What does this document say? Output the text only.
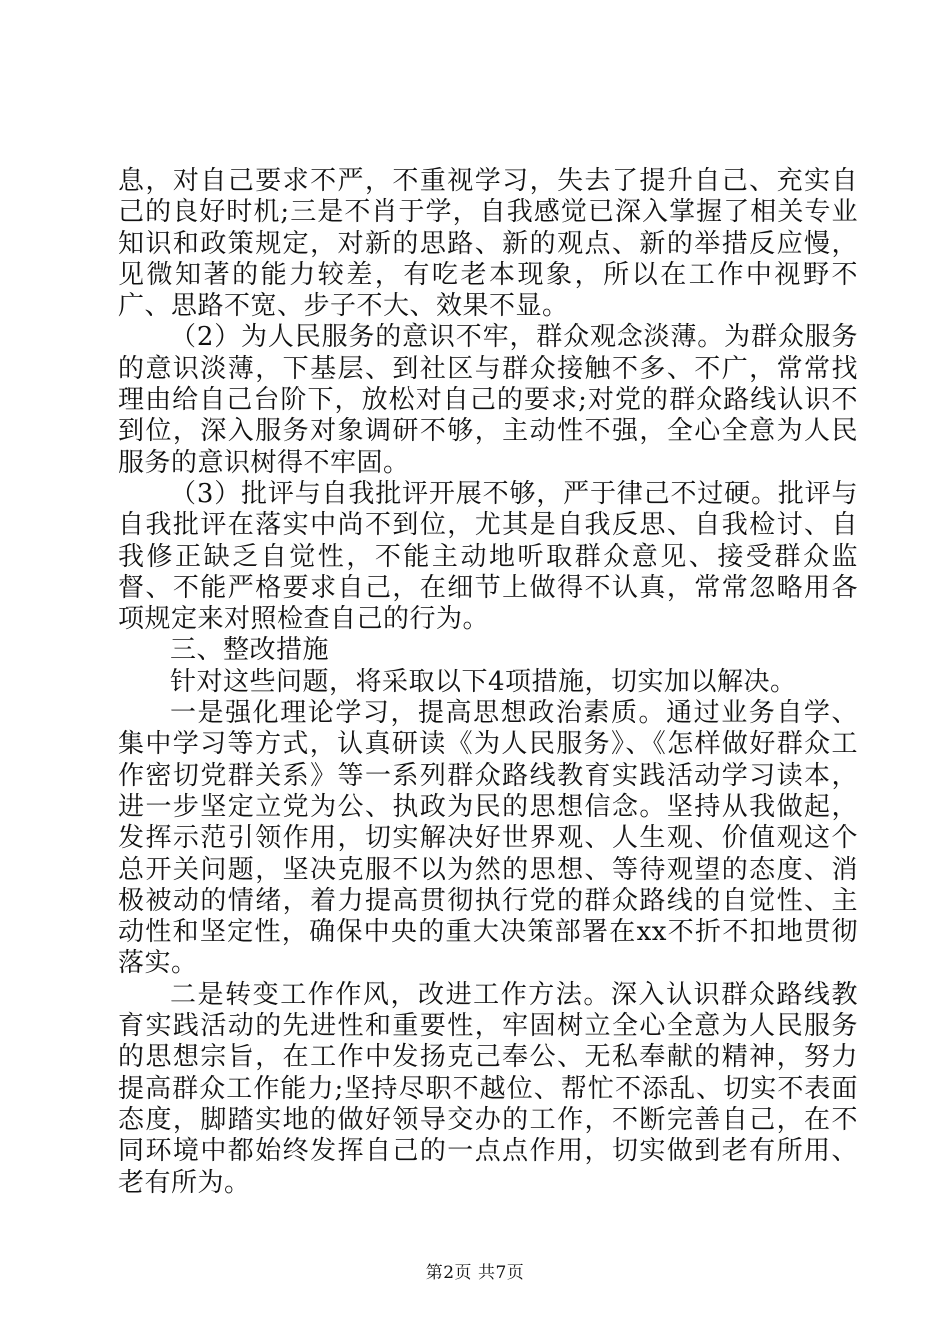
息，对自己要求不严，不重视学习，失去了提升自己、充实自己的良好时机;三是不肖于学，自我感觉已深入掌握了相关专业知识和政策规定，对新的思路、新的观点、新的举措反应慢，见微知著的能力较差，有吃老本现象，所以在工作中视野不广、思路不宽、步子不大、效果不显。

（2）为人民服务的意识不牢，群众观念淡薄。为群众服务的意识淡薄，下基层、到社区与群众接触不多、不广，常常找理由给自己台阶下，放松对自己的要求;对党的群众路线认识不到位，深入服务对象调研不够，主动性不强，全心全意为人民服务的意识树得不牢固。

（3）批评与自我批评开展不够，严于律己不过硬。批评与自我批评在落实中尚不到位，尤其是自我反思、自我检讨、自我修正缺乏自觉性，不能主动地听取群众意见、接受群众监督、不能严格要求自己，在细节上做得不认真，常常忽略用各项规定来对照检查自己的行为。

三、整改措施

针对这些问题，将采取以下4项措施，切实加以解决。

一是强化理论学习，提高思想政治素质。通过业务自学、集中学习等方式，认真研读《为人民服务》、《怎样做好群众工作密切党群关系》等一系列群众路线教育实践活动学习读本，进一步坚定立党为公、执政为民的思想信念。坚持从我做起，发挥示范引领作用，切实解决好世界观、人生观、价值观这个总开关问题，坚决克服不以为然的思想、等待观望的态度、消极被动的情绪，着力提高贯彻执行党的群众路线的自觉性、主动性和坚定性，确保中央的重大决策部署在xx不折不扣地贯彻落实。

二是转变工作作风，改进工作方法。深入认识群众路线教育实践活动的先进性和重要性，牢固树立全心全意为人民服务的思想宗旨，在工作中发扬克己奉公、无私奉献的精神，努力提高群众工作能力;坚持尽职不越位、帮忙不添乱、切实不表面态度，脚踏实地的做好领导交办的工作，不断完善自己，在不同环境中都始终发挥自己的一点点作用，切实做到老有所用、老有所为。

第2页 共7页
